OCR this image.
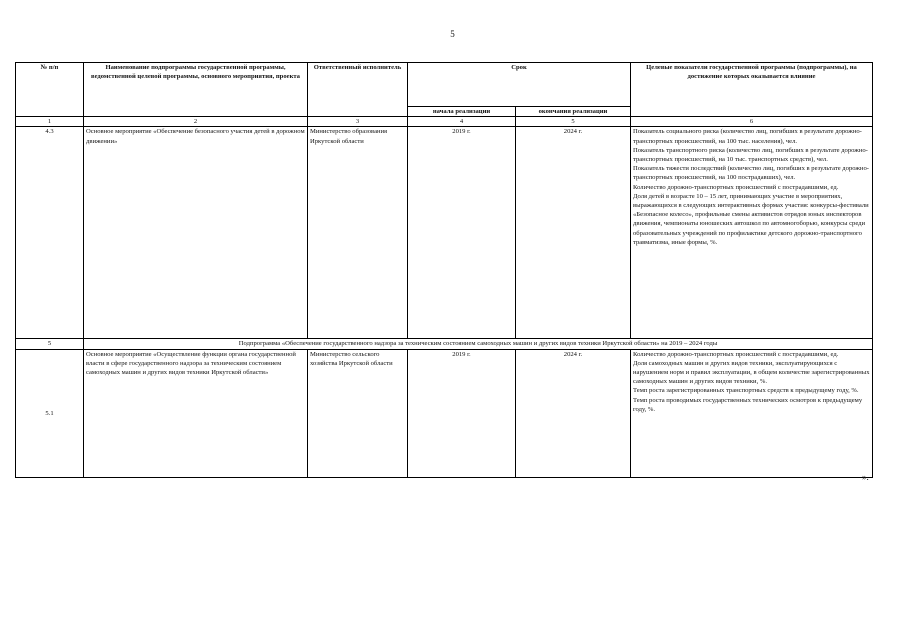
5
№ п/п	Наименование подпрограммы государственной программы, ведомственной целевой программы, основного мероприятия, проекта	Ответственный исполнитель	Срок		Целевые показатели государственной программы (подпрограммы), на достижение которых оказывается влияние
			начала реализации	окончания реализации	
1	2	3	4	5	6
4.3	Основное мероприятие «Обеспечение безопасного участия детей в дорожном движении»	Министерство образования Иркутской области	2019 г.	2024 г.	Показатель социального риска (количество лиц, погибших в результате дорожно-транспортных происшествий, на 100 тыс. населения), чел.

Показатель транспортного риска (количество лиц, погибших в результате дорожно-транспортных происшествий, на 10 тыс. транспортных средств), чел.

Показатель тяжести последствий (количество лиц, погибших в результате дорожно-транспортных происшествий, на 100 пострадавших), чел.

Количество дорожно-транспортных происшествий с пострадавшими, ед.

Доля детей в возрасте 10 – 15 лет, принимающих участие в мероприятиях, выражающихся в следующих интерактивных формах участия: конкурсы-фестивали «Безопасное колесо», профильные смены активистов отрядов юных инспекторов движения, чемпионаты юношеских автошкол по автомногоборью, конкурсы среди образовательных учреждений по профилактике детского дорожно-транспортного травматизма, иные формы, %.

5	Подпрограмма «Обеспечение государственного надзора за техническим состоянием самоходных машин и других видов техники Иркутской области» на 2019 – 2024 годы				
5.1	Основное мероприятие «Осуществление функции органа государственной власти в сфере государственного надзора за техническим состоянием самоходных машин и других видов техники Иркутской области»	Министерство сельского хозяйства Иркутской области	2019 г.	2024 г.	Количество дорожно-транспортных происшествий с пострадавшими, ед.

Доля самоходных машин и других видов техники, эксплуатирующихся с нарушением норм и правил эксплуатации, в общем количестве зарегистрированных самоходных машин и других видов техники, %.

Темп роста зарегистрированных транспортных средств к предыдущему году, %.

Темп роста проводимых государственных технических осмотров к предыдущему году, %.

».
